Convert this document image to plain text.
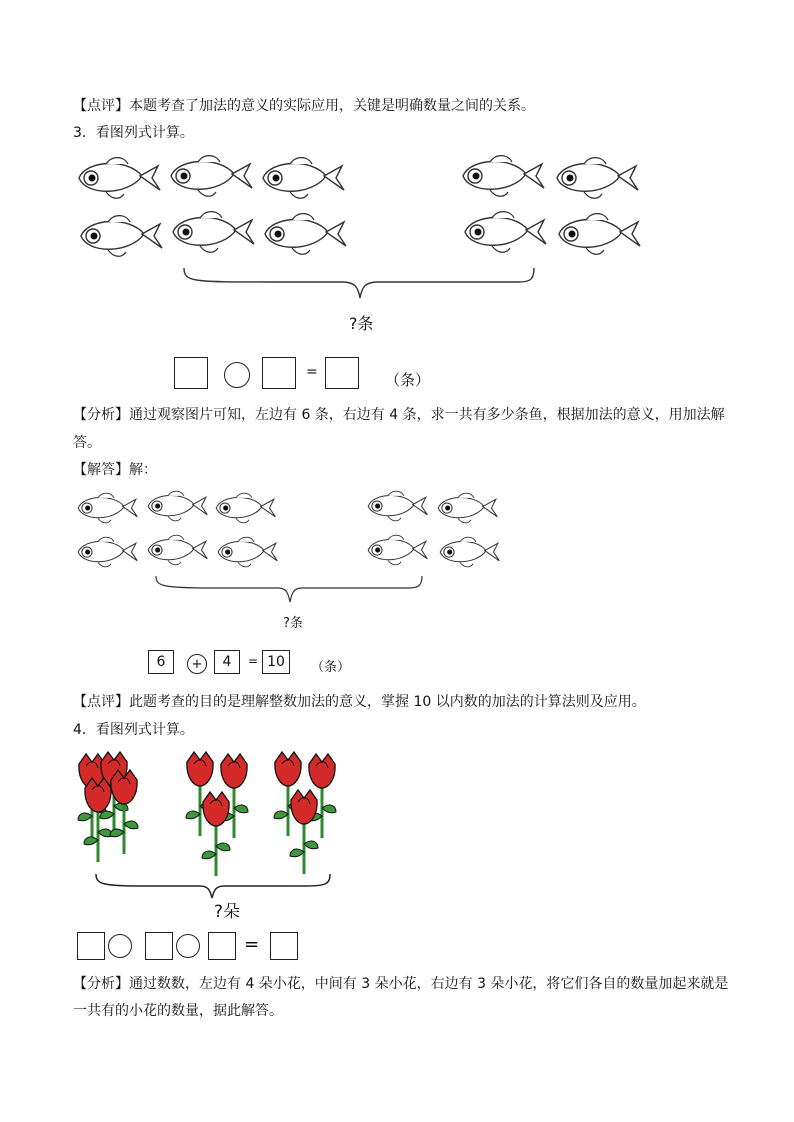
【点评】本题考查了加法的意义的实际应用，关键是明确数量之间的关系。
3．看图列式计算。
?条
=	（条）
【分析】通过观察图片可知，左边有 6 条，右边有 4 条，求一共有多少条鱼，根据加法的意义，用加法解
答。
【解答】解：
?条
6	+	4	= 10	（条）
【点评】此题考查的目的是理解整数加法的意义，掌握 10 以内数的加法的计算法则及应用。
4．看图列式计算。
?朵
=
【分析】通过数数，左边有 4 朵小花，中间有 3 朵小花，右边有 3 朵小花，将它们各自的数量加起来就是
一共有的小花的数量，据此解答。
